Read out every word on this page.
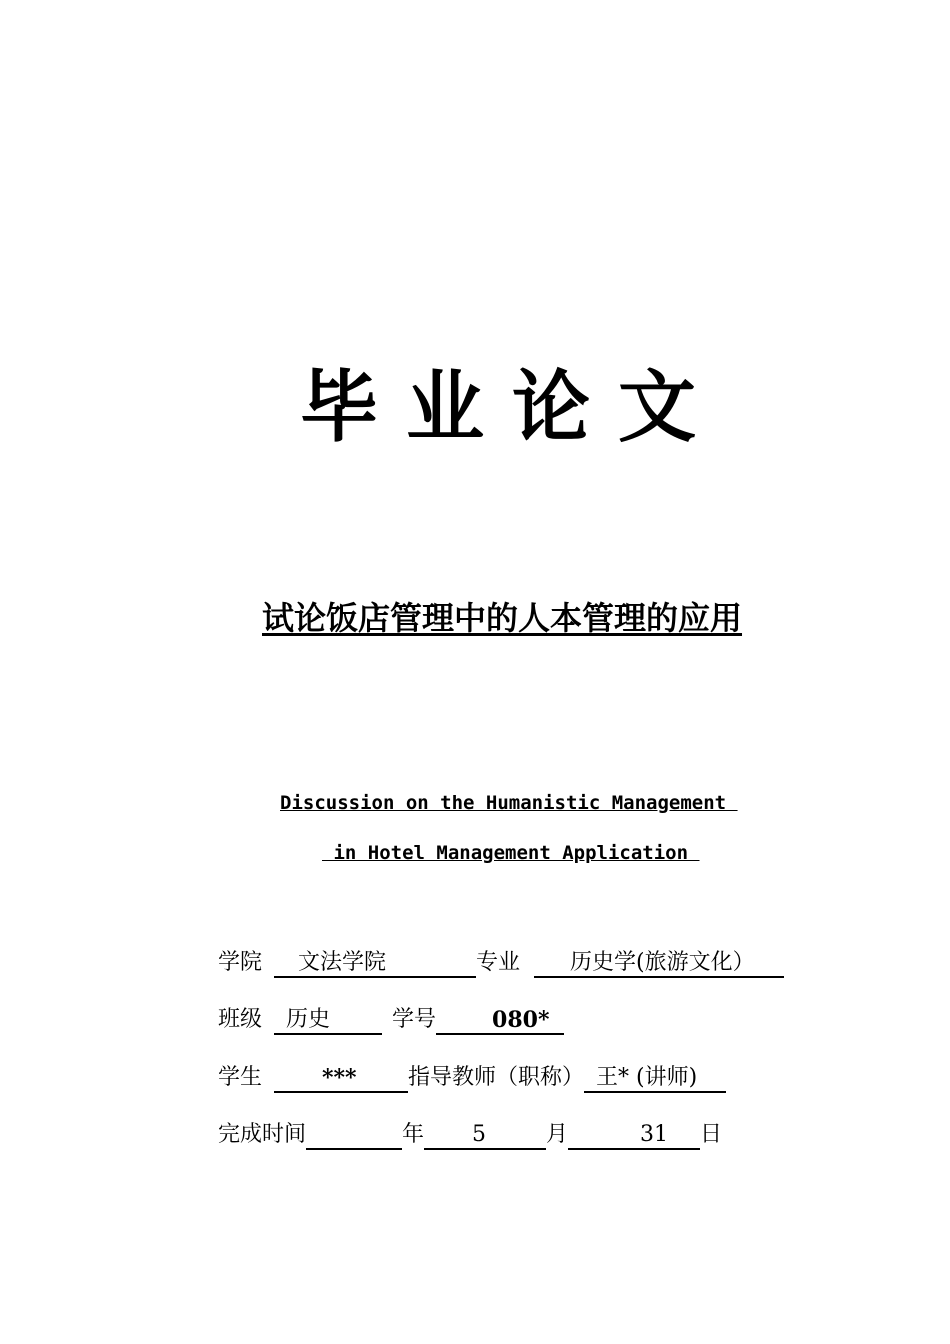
毕业论文
试论饭店管理中的人本管理的应用
Discussion on the Humanistic Management
in Hotel Management Application
学院	文法学院	专业	历史学(旅游文化）
班级	历史	学号	080*
学生	***	指导教师（职称） 王* (讲师)
完成时间	年	5	月	31	日
